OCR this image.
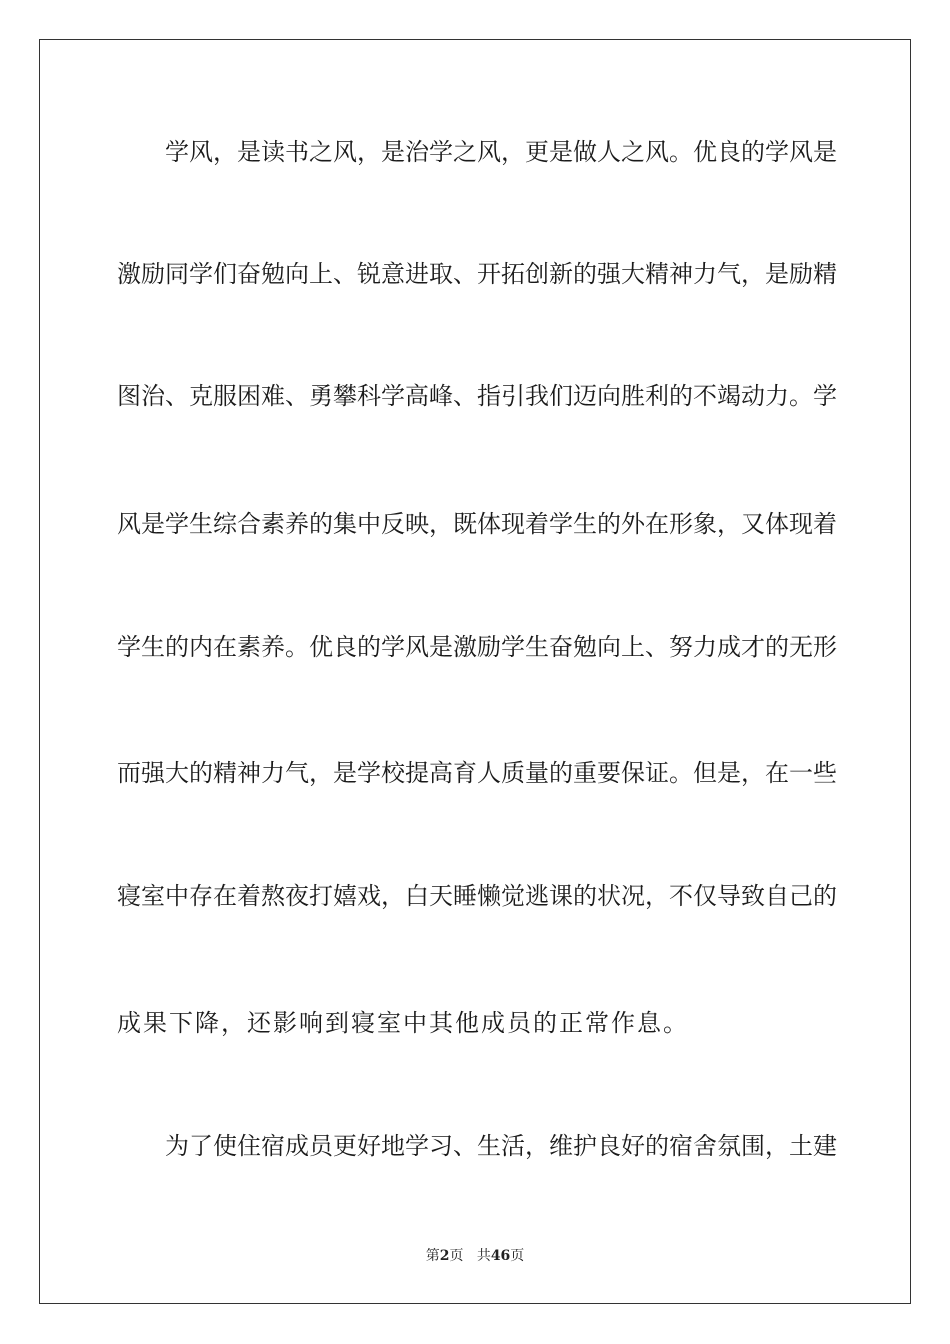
学风，是读书之风，是治学之风，更是做人之风。优良的学风是
激励同学们奋勉向上、锐意进取、开拓创新的强大精神力气，是励精
图治、克服困难、勇攀科学高峰、指引我们迈向胜利的不竭动力。学
风是学生综合素养的集中反映，既体现着学生的外在形象，又体现着
学生的内在素养。优良的学风是激励学生奋勉向上、努力成才的无形
而强大的精神力气，是学校提高育人质量的重要保证。但是，在一些
寝室中存在着熬夜打嬉戏，白天睡懒觉逃课的状况，不仅导致自己的
成果下降，还影响到寝室中其他成员的正常作息。
为了使住宿成员更好地学习、生活，维护良好的宿舍氛围，土建
第2页 共46页
